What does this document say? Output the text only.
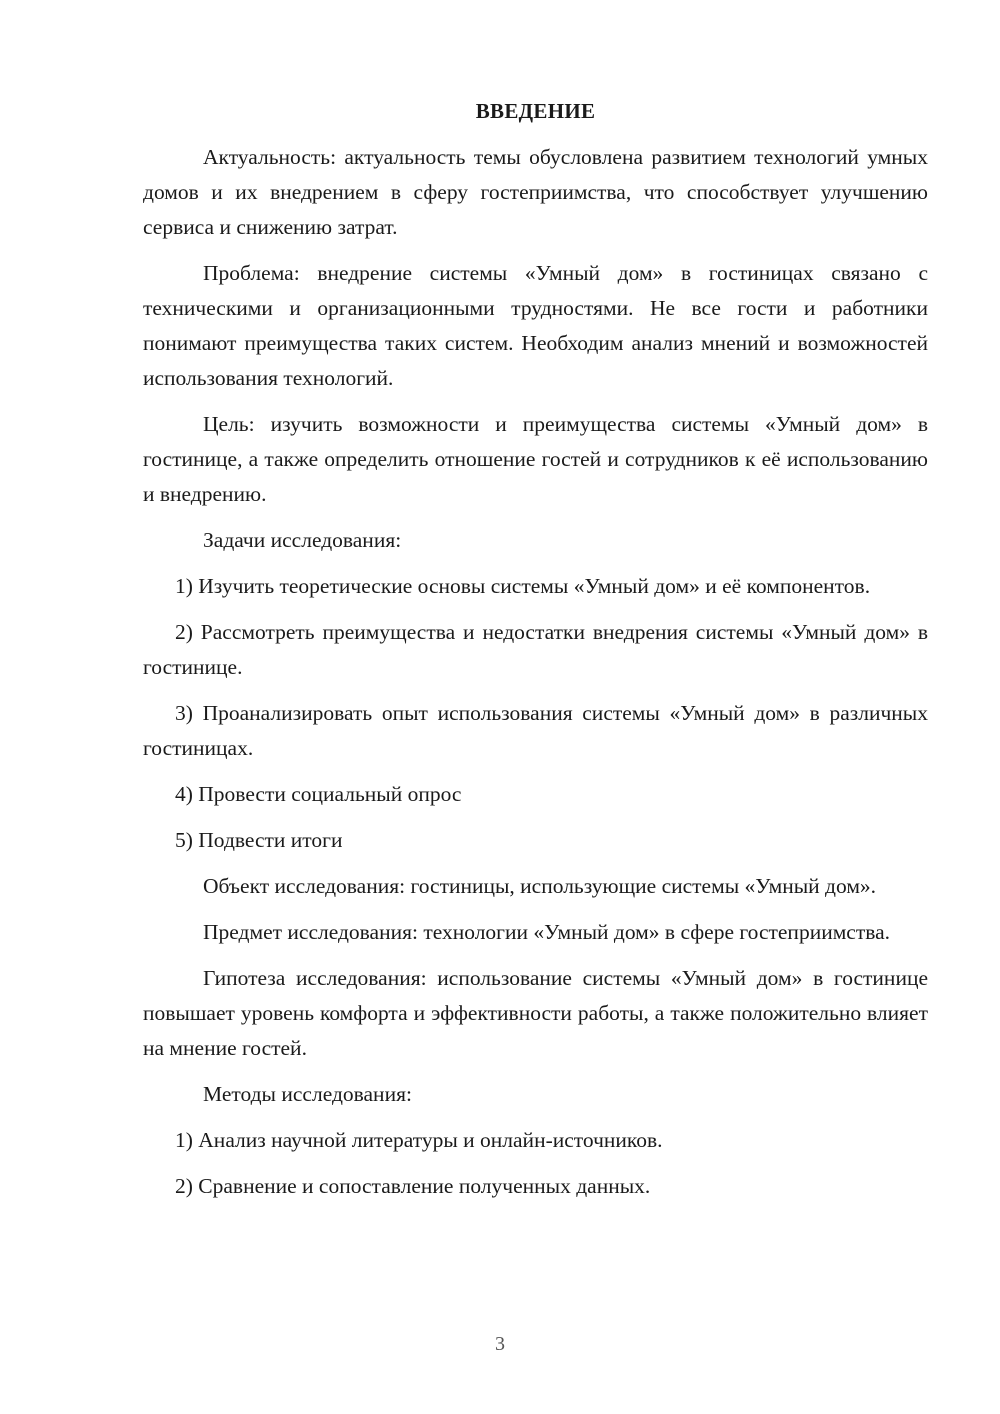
ВВЕДЕНИЕ

Актуальность: актуальность темы обусловлена развитием технологий умных домов и их внедрением в сферу гостеприимства, что способствует улучшению сервиса и снижению затрат.

Проблема: внедрение системы «Умный дом» в гостиницах связано с техническими и организационными трудностями. Не все гости и работники понимают преимущества таких систем. Необходим анализ мнений и возможностей использования технологий.

Цель: изучить возможности и преимущества системы «Умный дом» в гостинице, а также определить отношение гостей и сотрудников к её использованию и внедрению.

Задачи исследования:

1) Изучить теоретические основы системы «Умный дом» и её компонентов.

2) Рассмотреть преимущества и недостатки внедрения системы «Умный дом» в гостинице.

3) Проанализировать опыт использования системы «Умный дом» в различных гостиницах.

4) Провести социальный опрос

5) Подвести итоги

Объект исследования: гостиницы, использующие системы «Умный дом».

Предмет исследования: технологии «Умный дом» в сфере гостеприимства.

Гипотеза исследования: использование системы «Умный дом» в гостинице повышает уровень комфорта и эффективности работы, а также положительно влияет на мнение гостей.

Методы исследования:

1) Анализ научной литературы и онлайн-источников.

2) Сравнение и сопоставление полученных данных.

3
